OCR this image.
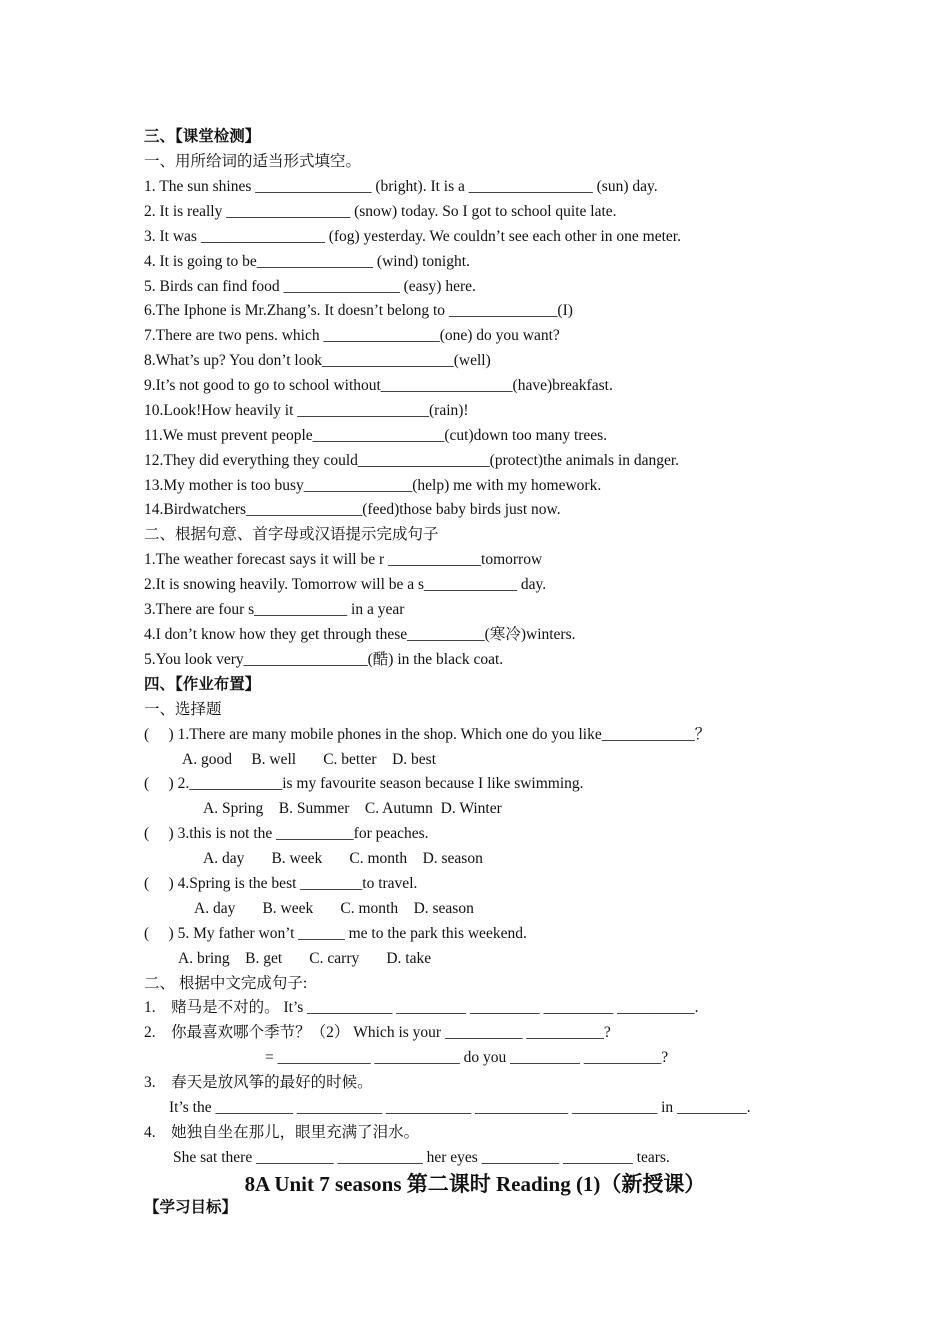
三、【课堂检测】
一、用所给词的适当形式填空。
1. The sun shines _______________ (bright). It is a ________________ (sun) day.
2. It is really ________________ (snow) today. So I got to school quite late.
3. It was ________________ (fog) yesterday. We couldn’t see each other in one meter.
4. It is going to be_______________ (wind) tonight.
5. Birds can find food _______________ (easy) here.
6.The Iphone is Mr.Zhang’s. It doesn’t belong to ______________(I)
7.There are two pens. which _______________(one) do you want?
8.What’s up? You don’t look_________________(well)
9.It’s not good to go to school without_________________(have)breakfast.
10.Look!How heavily it _________________(rain)!
11.We must prevent people_________________(cut)down too many trees.
12.They did everything they could_________________(protect)the animals in danger.
13.My mother is too busy______________(help) me with my homework.
14.Birdwatchers_______________(feed)those baby birds just now.
二、根据句意、首字母或汉语提示完成句子
1.The weather forecast says it will be r ____________tomorrow
2.It is snowing heavily. Tomorrow will be a s____________ day.
3.There are four s____________ in a year
4.I don’t know how they get through these__________(寒冷)winters.
5.You look very________________(酷) in the black coat.
四、【作业布置】
一、选择题
(     ) 1.There are many mobile phones in the shop. Which one do you like____________？
A. good     B. well       C. better    D. best
(     ) 2.____________is my favourite season because I like swimming.
A. Spring    B. Summer    C. Autumn  D. Winter
(     ) 3.this is not the __________for peaches.
A. day       B. week       C. month    D. season
(     ) 4.Spring is the best ________to travel.
A. day       B. week       C. month    D. season
(     ) 5. My father won’t ______ me to the park this weekend.
A. bring    B. get       C. carry       D. take
二、 根据中文完成句子:
1.    赌马是不对的。 It’s ___________ _________ _________ _________ __________.
2.    你最喜欢哪个季节？（2） Which is your __________ __________?
= ____________ ___________ do you _________ __________?
3.    春天是放风筝的最好的时候。
It’s the __________ ___________ ___________ ____________ ___________ in _________.
4.    她独自坐在那儿，眼里充满了泪水。
She sat there __________ ___________ her eyes __________ _________ tears.
8A Unit 7 seasons 第二课时 Reading (1)（新授课）
【学习目标】
